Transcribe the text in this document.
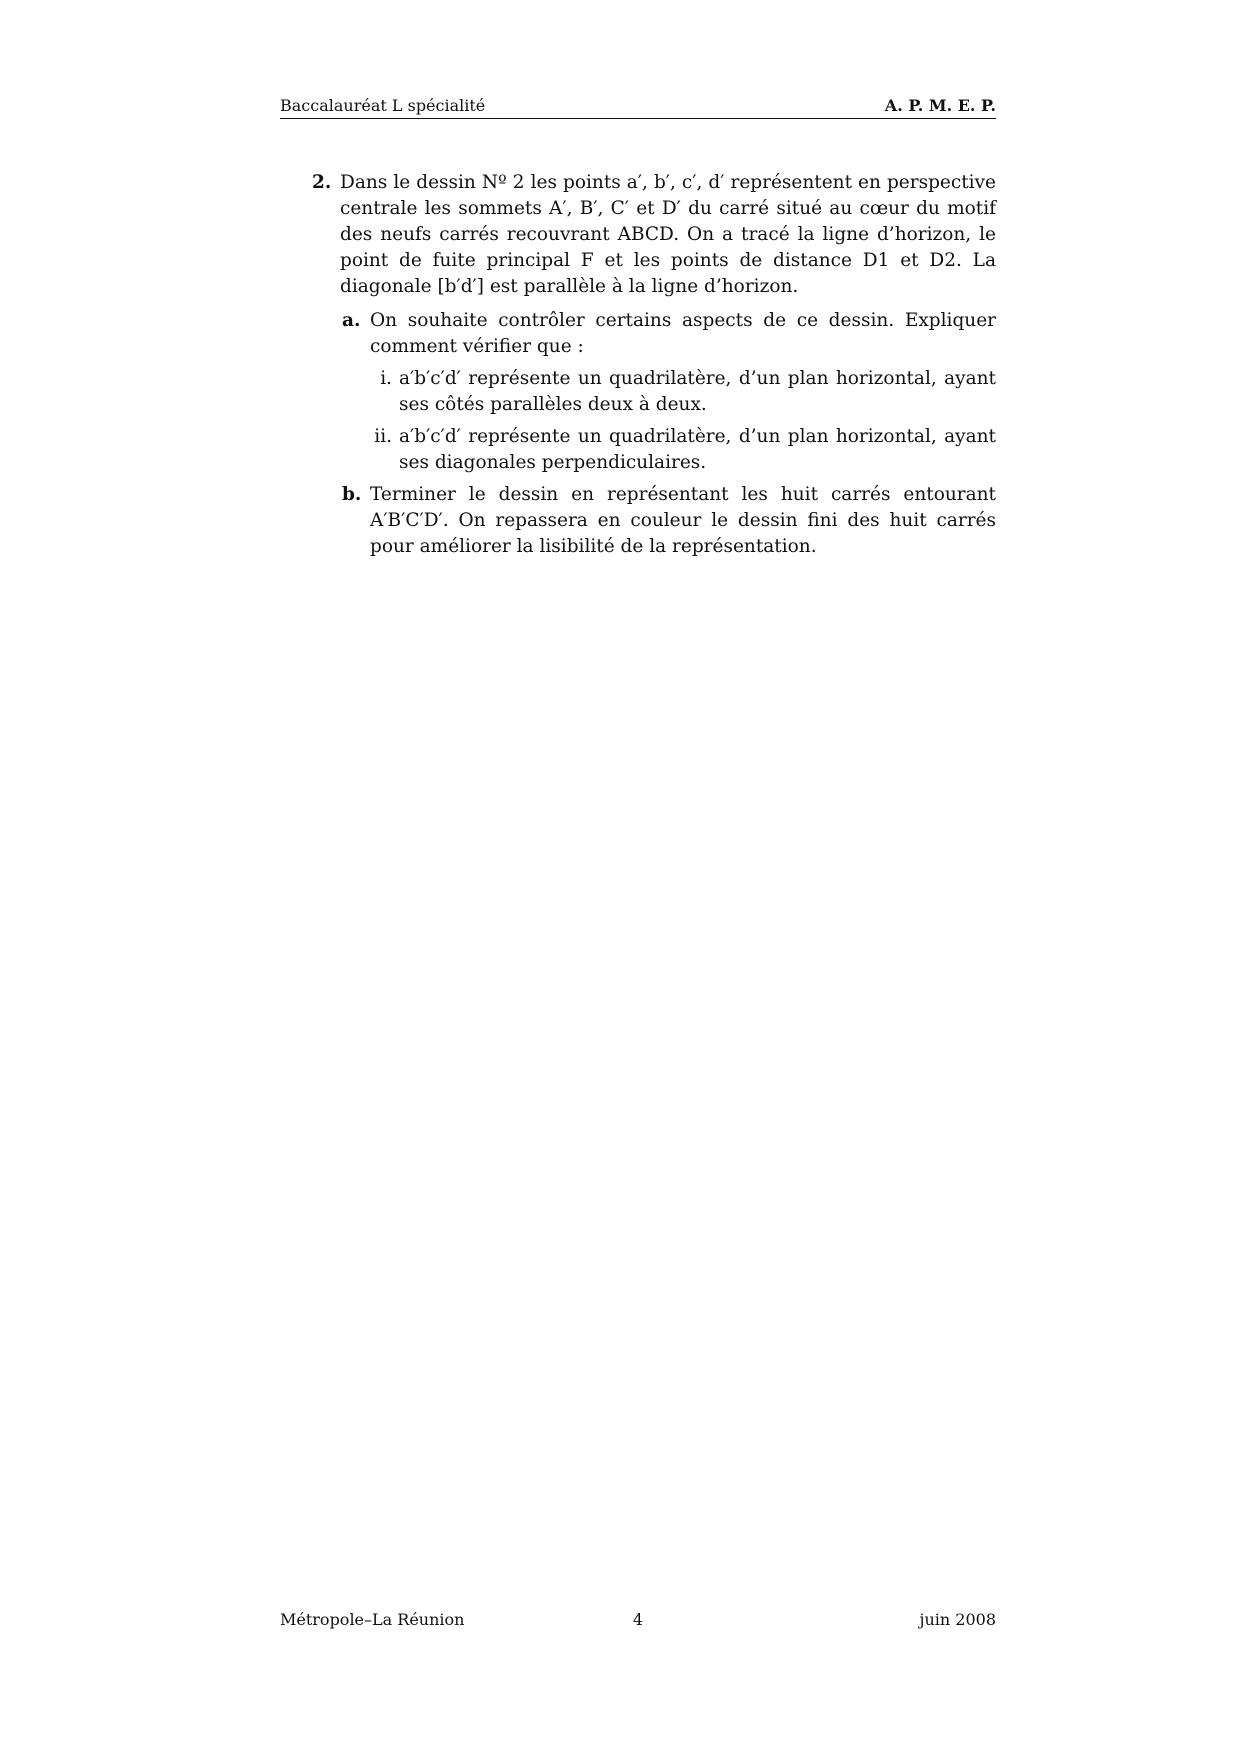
Baccalauréat L spécialité	A. P. M. E. P.
2. Dans le dessin Nº 2 les points a′, b′, c′, d′ représentent en perspective centrale les sommets A′, B′, C′ et D′ du carré situé au cœur du motif des neufs carrés recouvrant ABCD. On a tracé la ligne d’horizon, le point de fuite principal F et les points de distance D1 et D2. La diagonale [b′d′] est parallèle à la ligne d’horizon.
a. On souhaite contrôler certains aspects de ce dessin. Expliquer comment vérifier que :
i. a′b′c′d′ représente un quadrilatère, d’un plan horizontal, ayant ses côtés parallèles deux à deux.
ii. a′b′c′d′ représente un quadrilatère, d’un plan horizontal, ayant ses diagonales perpendiculaires.
b. Terminer le dessin en représentant les huit carrés entourant A′B′C′D′. On repassera en couleur le dessin fini des huit carrés pour améliorer la lisibilité de la représentation.
Métropole–La Réunion	4	juin 2008
